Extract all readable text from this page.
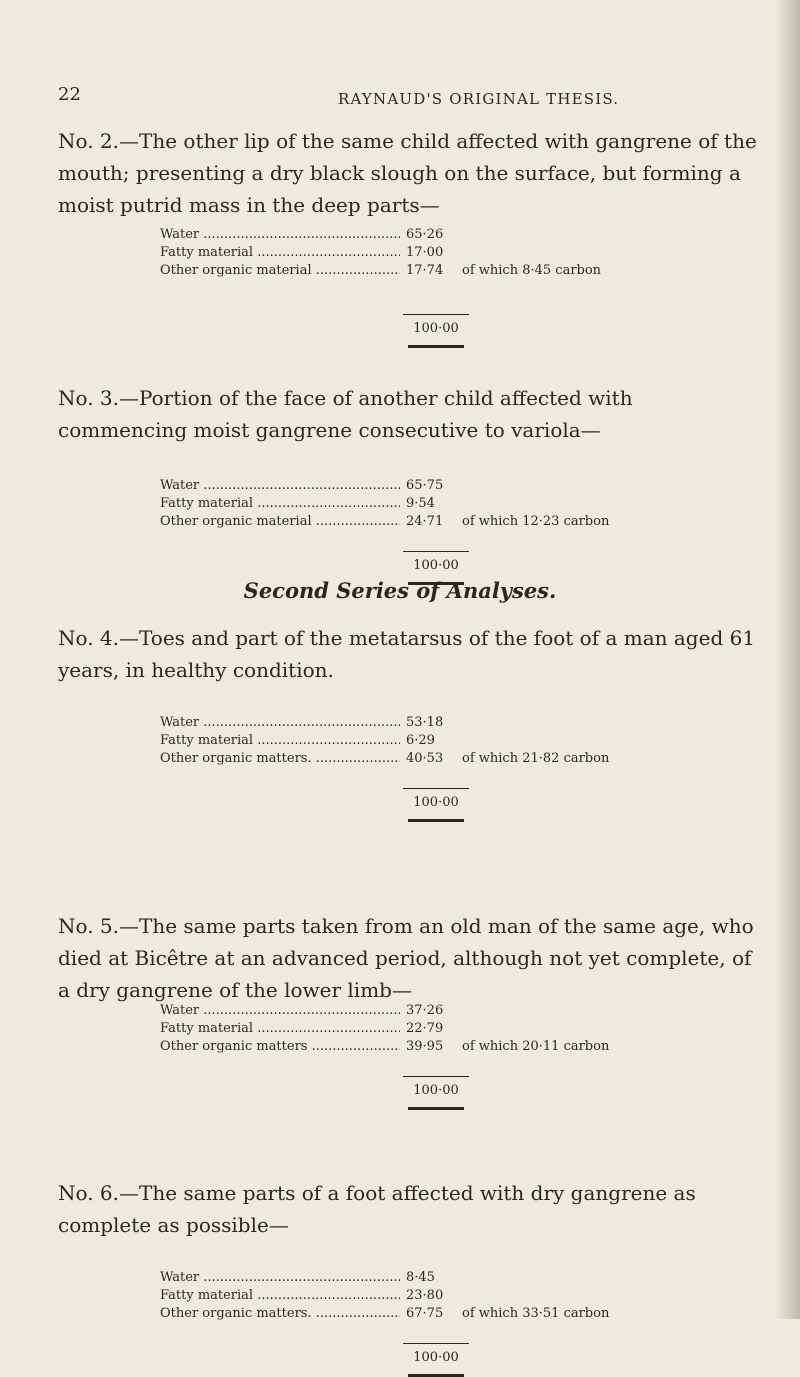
22	RAYNAUD'S ORIGINAL THESIS.

No. 2.—The other lip of the same child affected with gangrene of the mouth; presenting a dry black slough on the surface, but forming a moist putrid mass in the deep parts—

Water .....	65·26
Fatty material .....	17·00
Other organic material .....	17·74 of which 8·45 carbon
100·00

No. 3.—Portion of the face of another child affected with commencing moist gangrene consecutive to variola—

Water .....	65·75
Fatty material .....	9·54
Other organic material .....	24·71 of which 12·23 carbon
100·00
Second Series of Analyses.

No. 4.—Toes and part of the metatarsus of the foot of a man aged 61 years, in healthy condition.

Water .....	53·18
Fatty material .....	6·29
Other organic matters. .....	40·53 of which 21·82 carbon
100·00

No. 5.—The same parts taken from an old man of the same age, who died at Bicêtre at an advanced period, although not yet complete, of a dry gangrene of the lower limb—

Water .....	37·26
Fatty material .....	22·79
Other organic matters .....	39·95 of which 20·11 carbon
100·00

No. 6.—The same parts of a foot affected with dry gangrene as complete as possible—

Water .....	8·45
Fatty material .....	23·80
Other organic matters. .....	67·75 of which 33·51 carbon
100·00
